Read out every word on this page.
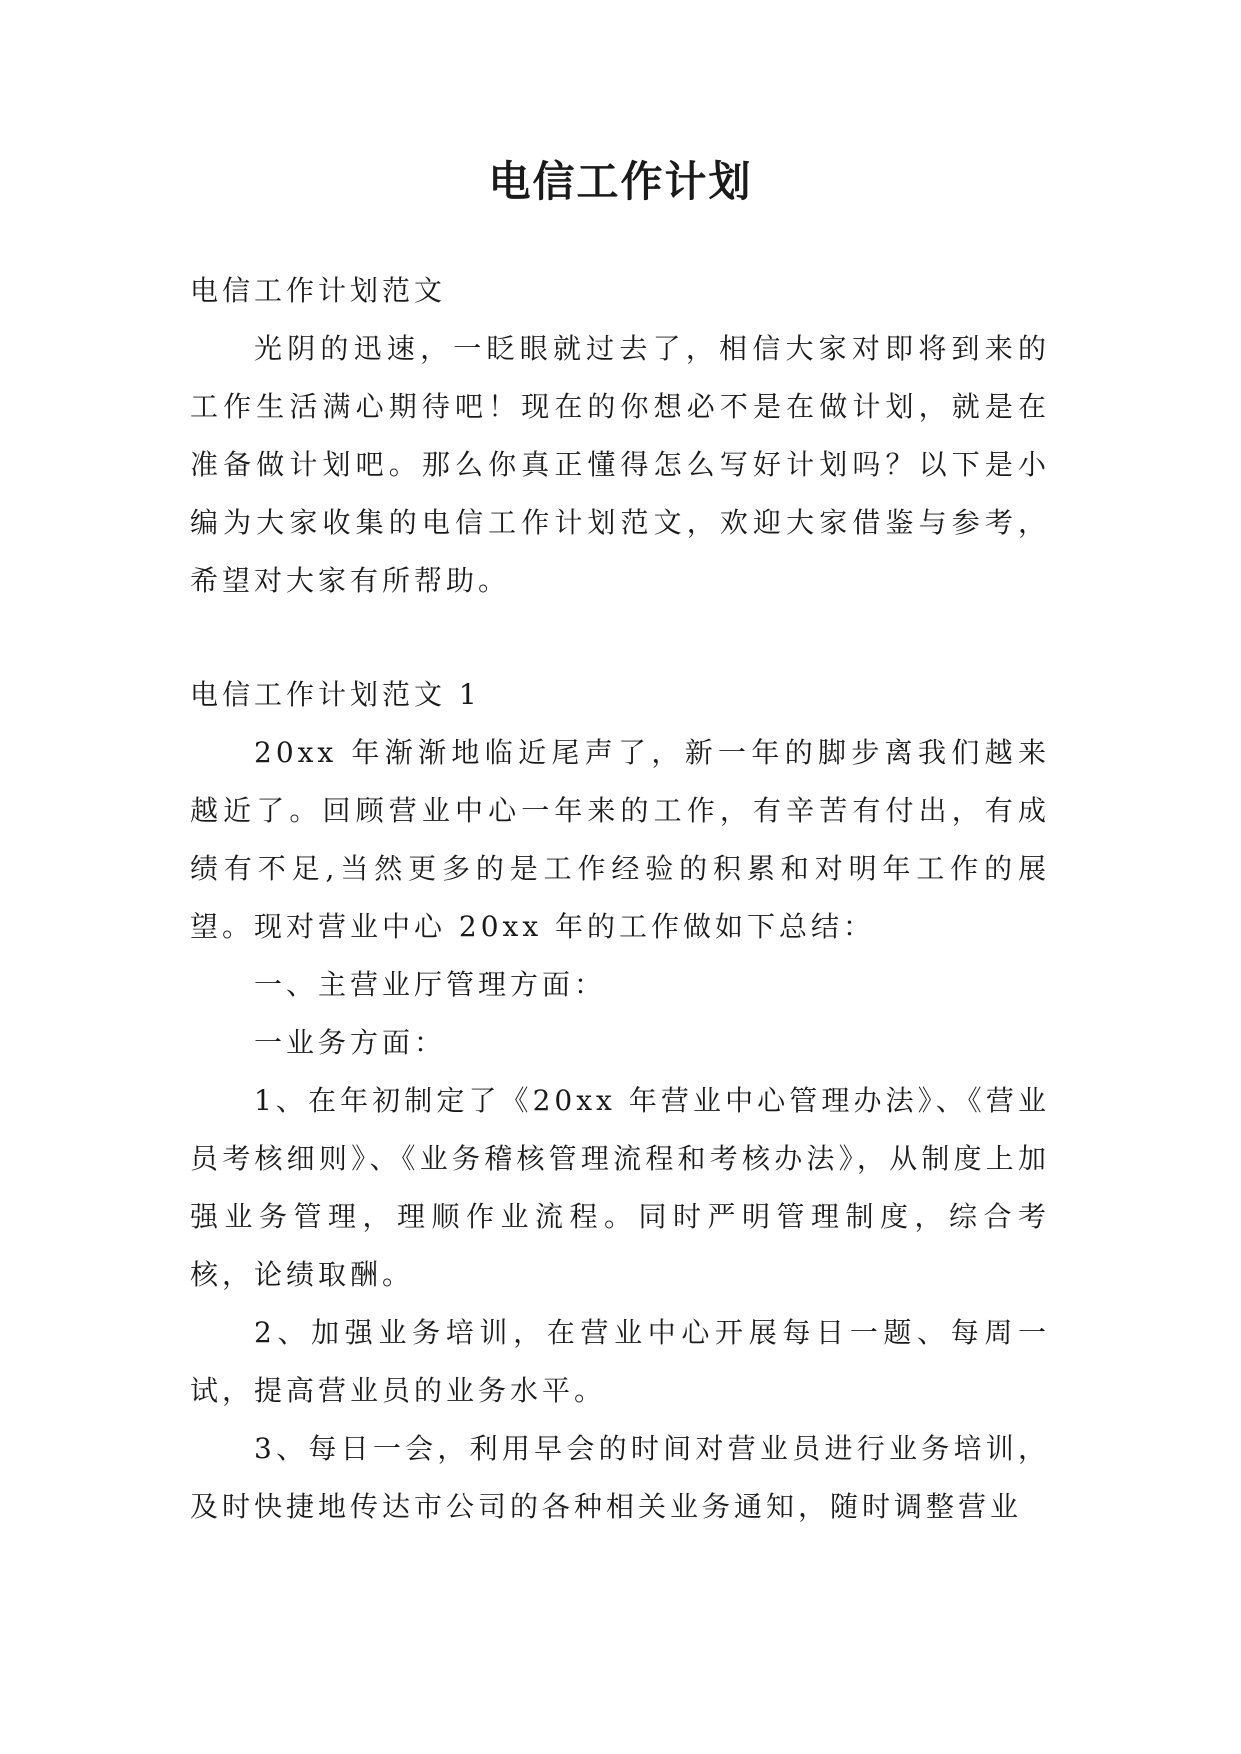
电信工作计划

电信工作计划范文

光阴的迅速，一眨眼就过去了，相信大家对即将到来的工作生活满心期待吧！现在的你想必不是在做计划，就是在准备做计划吧。那么你真正懂得怎么写好计划吗？以下是小编为大家收集的电信工作计划范文，欢迎大家借鉴与参考，希望对大家有所帮助。

电信工作计划范文 1

20xx 年渐渐地临近尾声了，新一年的脚步离我们越来越近了。回顾营业中心一年来的工作，有辛苦有付出，有成绩有不足,当然更多的是工作经验的积累和对明年工作的展望。现对营业中心 20xx 年的工作做如下总结：

一、主营业厅管理方面：

一业务方面：

1、在年初制定了《20xx 年营业中心管理办法》、《营业员考核细则》、《业务稽核管理流程和考核办法》，从制度上加强业务管理，理顺作业流程。同时严明管理制度，综合考核，论绩取酬。

2、加强业务培训，在营业中心开展每日一题、每周一试，提高营业员的业务水平。

3、每日一会，利用早会的时间对营业员进行业务培训，及时快捷地传达市公司的各种相关业务通知，随时调整营业
